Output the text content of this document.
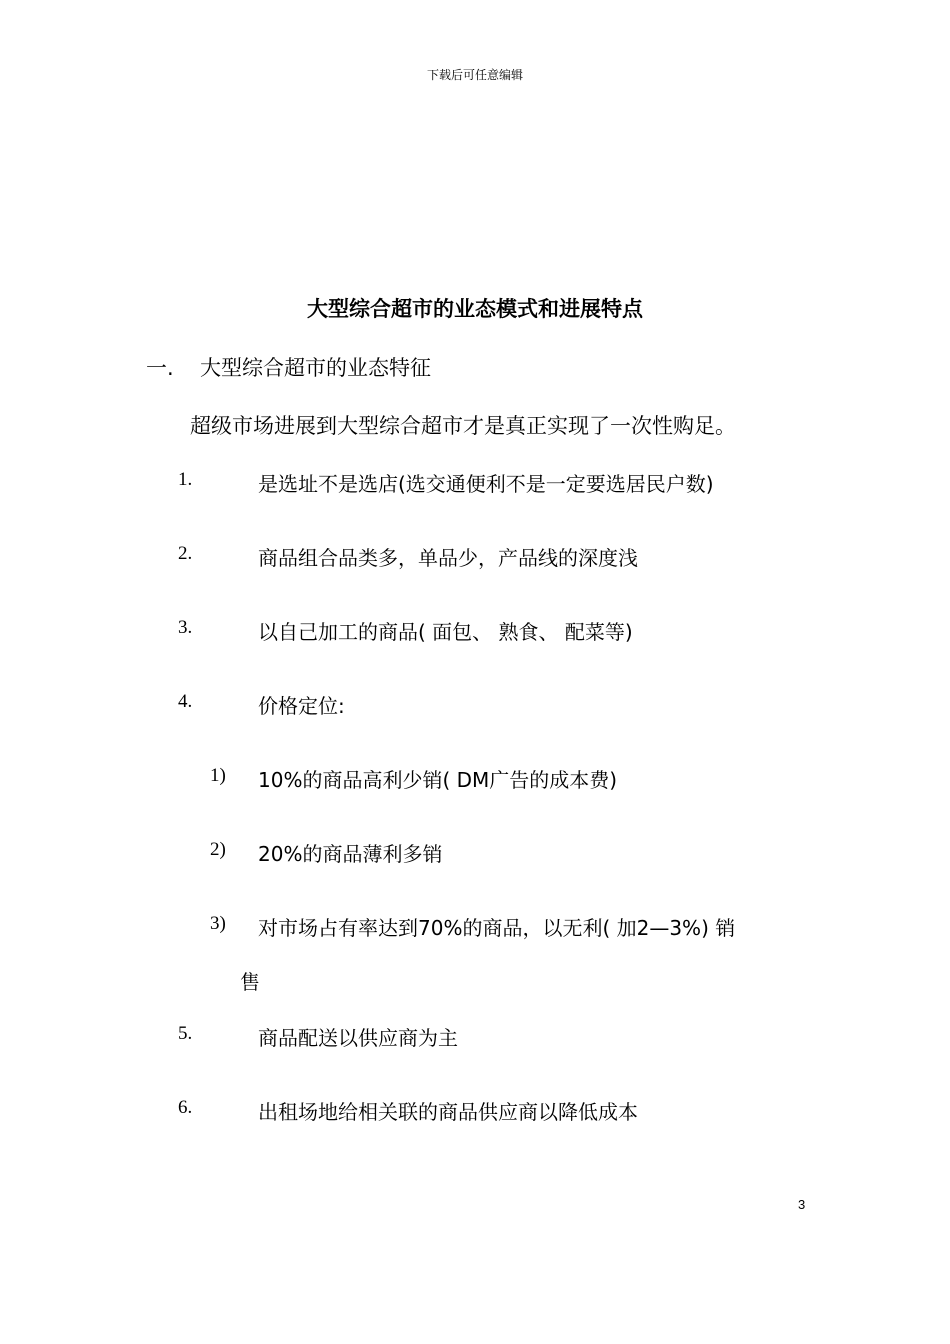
下载后可任意编辑
大型综合超市的业态模式和进展特点
一. 大型综合超市的业态特征
超级市场进展到大型综合超市才是真正实现了一次性购足。
1.	是选址不是选店(选交通便利不是一定要选居民户数)
2.	商品组合品类多，单品少，产品线的深度浅
3.	以自己加工的商品( 面包、 熟食、 配菜等)
4.	价格定位:
1) 10%的商品高利少销( DM广告的成本费)
2) 20%的商品薄利多销
3) 对市场占有率达到70%的商品，以无利( 加2—3%) 销
售
5.	商品配送以供应商为主
6.	出租场地给相关联的商品供应商以降低成本
3
